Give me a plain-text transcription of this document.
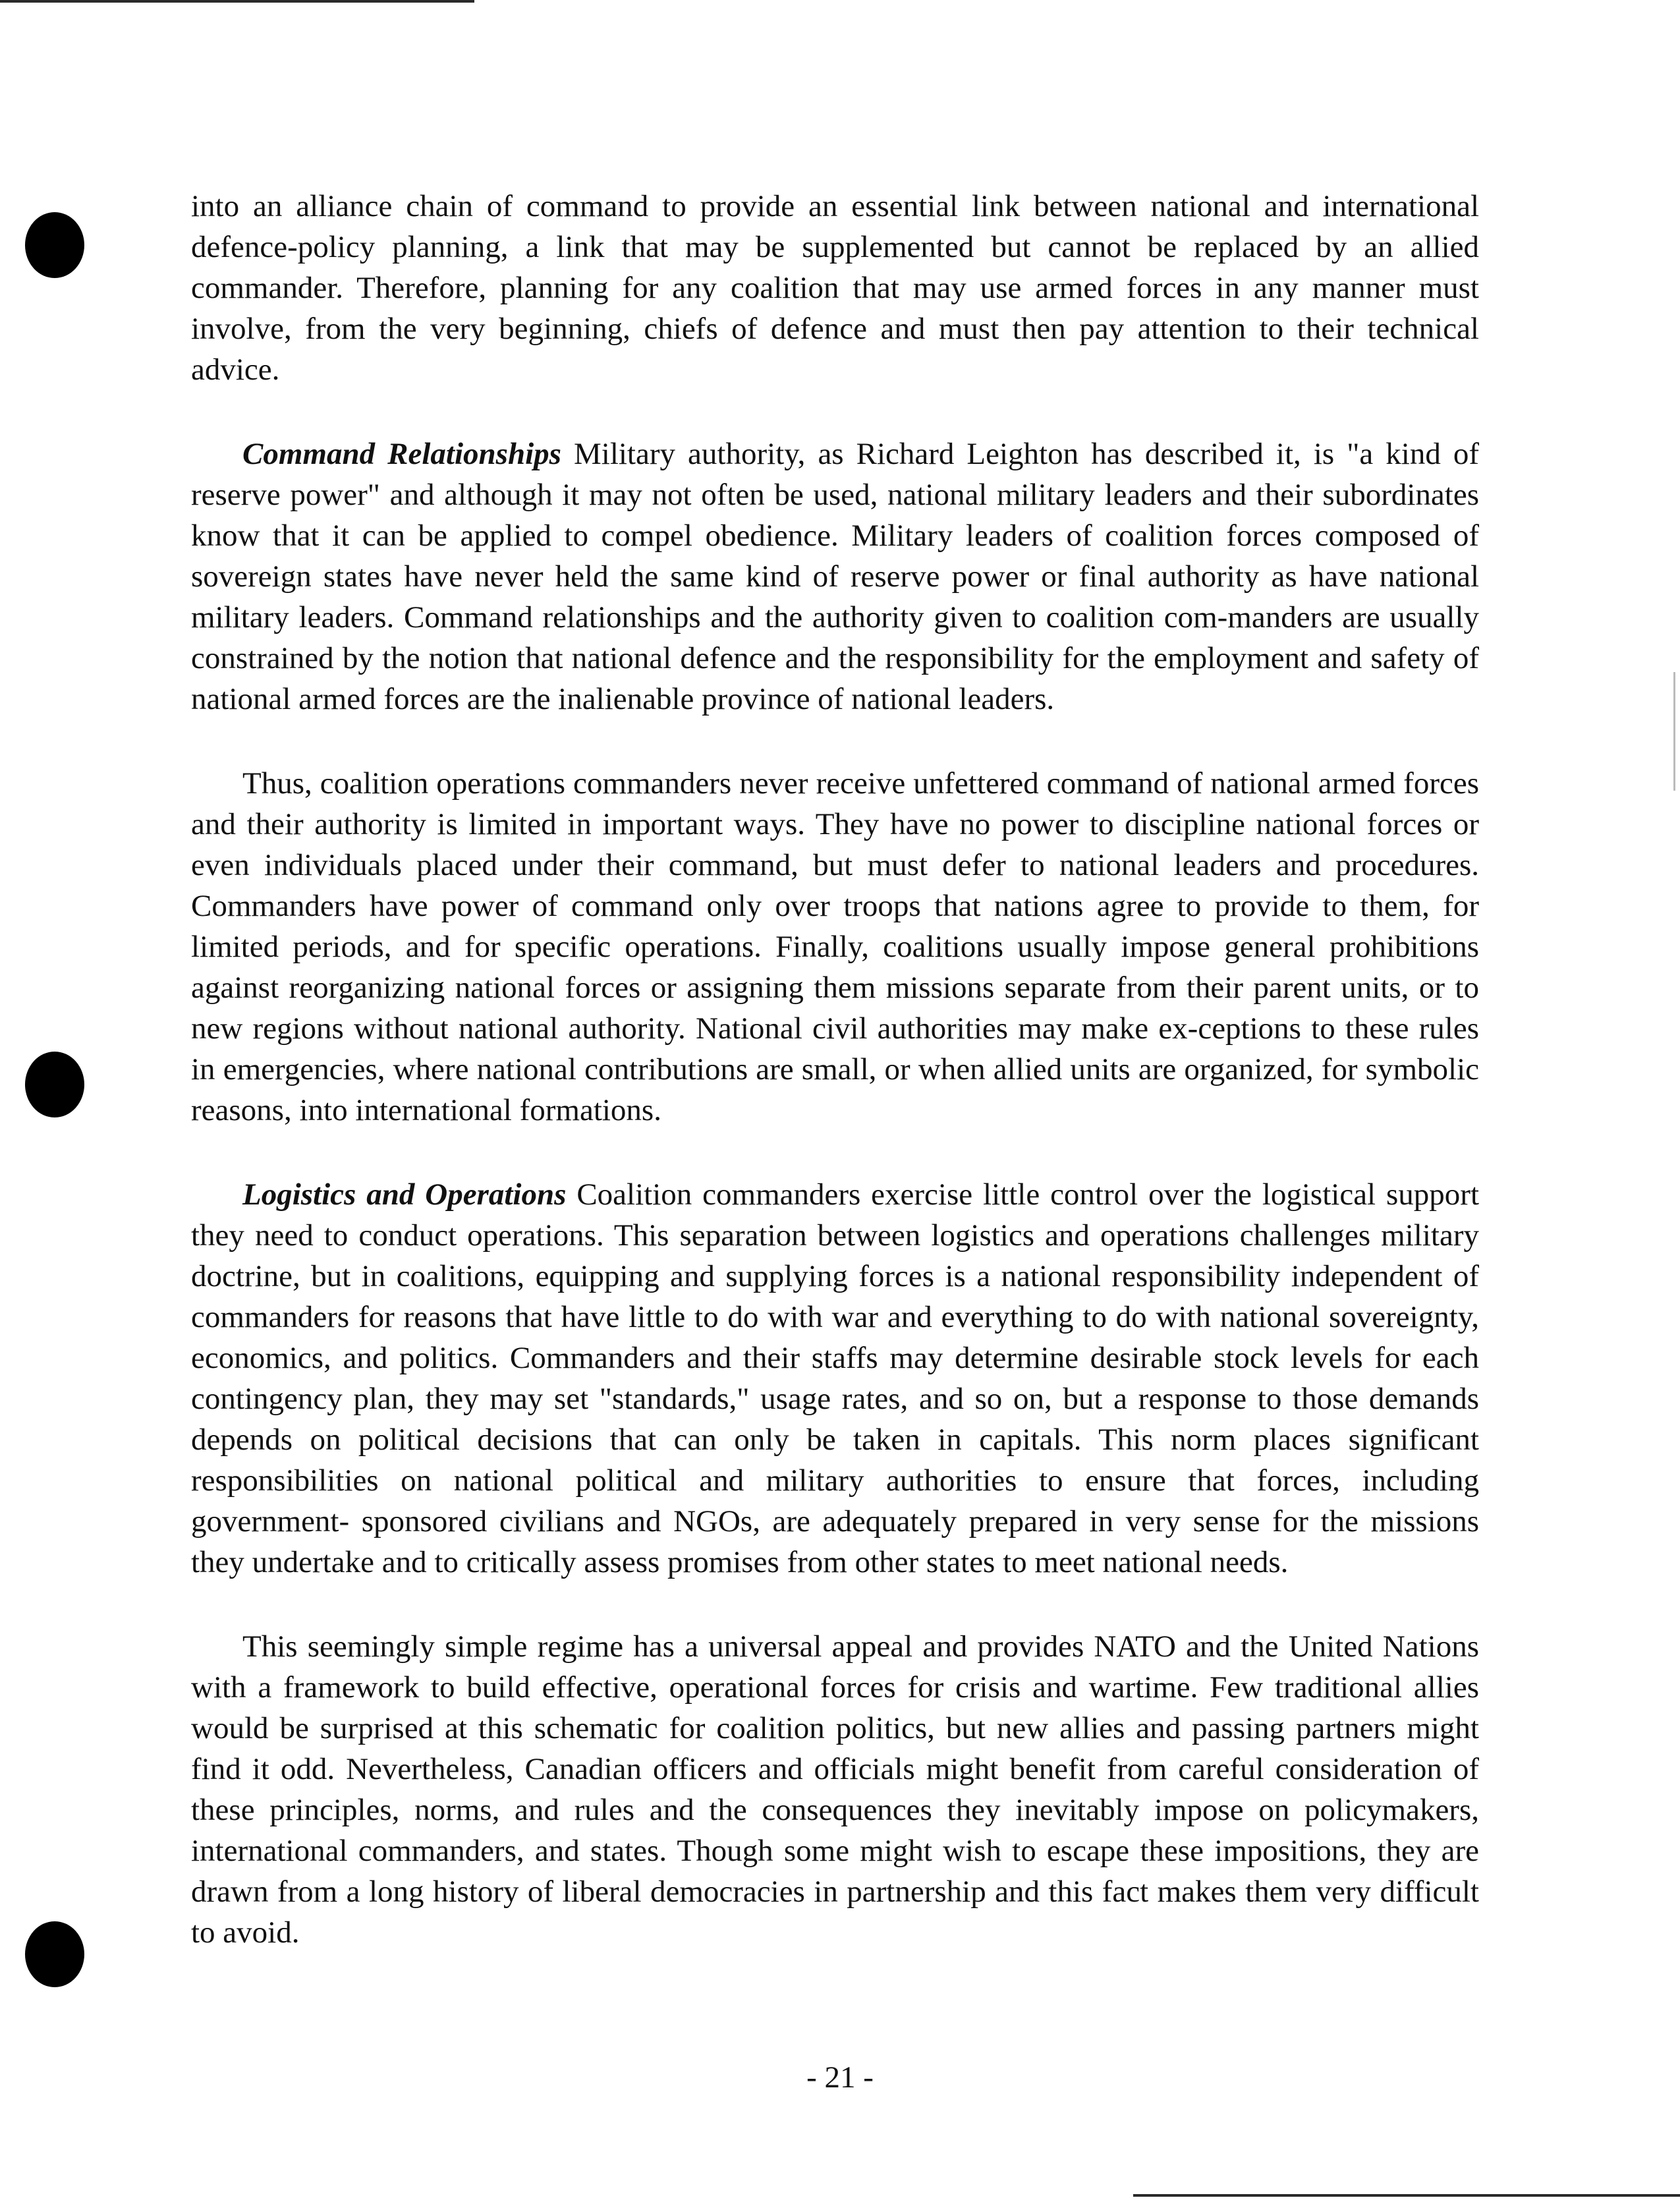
into an alliance chain of command to provide an essential link between national and international defence-policy planning, a link that may be supplemented but cannot be replaced by an allied commander. Therefore, planning for any coalition that may use armed forces in any manner must involve, from the very beginning, chiefs of defence and must then pay attention to their technical advice.

Command Relationships Military authority, as Richard Leighton has described it, is "a kind of reserve power" and although it may not often be used, national military leaders and their subordinates know that it can be applied to compel obedience. Military leaders of coalition forces composed of sovereign states have never held the same kind of reserve power or final authority as have national military leaders. Command relationships and the authority given to coalition com-manders are usually constrained by the notion that national defence and the responsibility for the employment and safety of national armed forces are the inalienable province of national leaders.

Thus, coalition operations commanders never receive unfettered command of national armed forces and their authority is limited in important ways. They have no power to discipline national forces or even individuals placed under their command, but must defer to national leaders and procedures. Commanders have power of command only over troops that nations agree to provide to them, for limited periods, and for specific operations. Finally, coalitions usually impose general prohibitions against reorganizing national forces or assigning them missions separate from their parent units, or to new regions without national authority. National civil authorities may make ex-ceptions to these rules in emergencies, where national contributions are small, or when allied units are organized, for symbolic reasons, into international formations.

Logistics and Operations Coalition commanders exercise little control over the logistical support they need to conduct operations. This separation between logistics and operations challenges military doctrine, but in coalitions, equipping and supplying forces is a national responsibility independent of commanders for reasons that have little to do with war and everything to do with national sovereignty, economics, and politics. Commanders and their staffs may determine desirable stock levels for each contingency plan, they may set "standards," usage rates, and so on, but a response to those demands depends on political decisions that can only be taken in capitals. This norm places significant responsibilities on national political and military authorities to ensure that forces, including government- sponsored civilians and NGOs, are adequately prepared in very sense for the missions they undertake and to critically assess promises from other states to meet national needs.

This seemingly simple regime has a universal appeal and provides NATO and the United Nations with a framework to build effective, operational forces for crisis and wartime. Few traditional allies would be surprised at this schematic for coalition politics, but new allies and passing partners might find it odd. Nevertheless, Canadian officers and officials might benefit from careful consideration of these principles, norms, and rules and the consequences they inevitably impose on policymakers, international commanders, and states. Though some might wish to escape these impositions, they are drawn from a long history of liberal democracies in partnership and this fact makes them very difficult to avoid.

- 21 -
